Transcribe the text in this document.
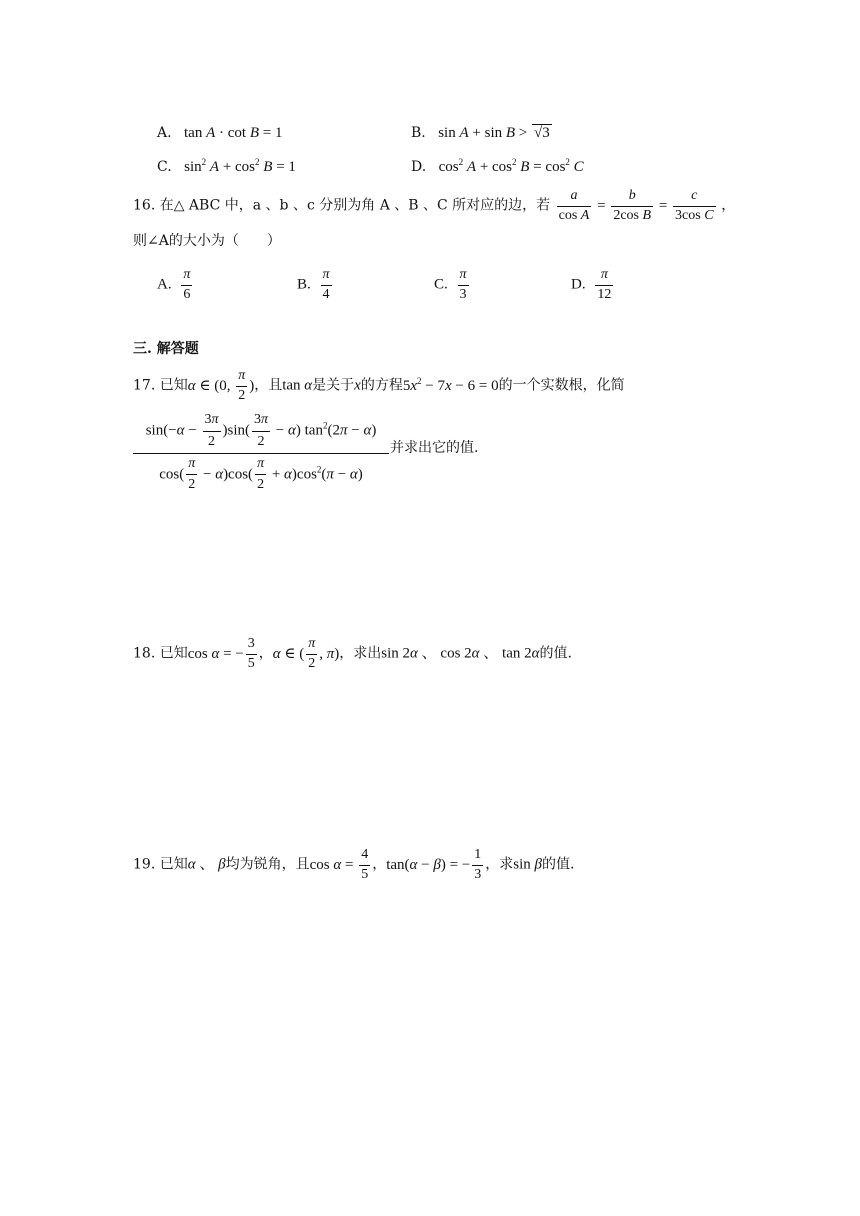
A. tan A · cot B = 1	B. sin A + sin B > √3
C. $\sin^2 A + \cos^2 B = 1$	D. $\cos^2 A + \cos^2 B = \cos^2 C$
16. 在△ ABC 中，a 、b 、c 分别为角 A 、B 、C 所对应的边，若 $\frac{a}{\text{cos A}} = \frac{b}{\text{2cos B}} = \frac{c}{\text{3cos C}}$ ，
则∠A的大小为（　　）
A. $\frac{\pi}{6}$	B. $\frac{\pi}{4}$	C. $\frac{\pi}{3}$	D. $\frac{\pi}{12}$
三. 解答题
17. 已知α ∈ (0, $\frac{\pi}{2}$ )，且tan α是关于x的方程$5x^2 - 7x - 6 = 0$的一个实数根，化简
$\frac{\sin(-\alpha - \frac{3\pi}{2} )\sin( \frac{3\pi}{2} - \alpha) \tan^2(2\pi - \alpha)}{\cos( \frac{\pi}{2} - \alpha)\cos( \frac{\pi}{2} + \alpha)\cos^2(\pi - \alpha)}$ 并求出它的值.
18. 已知cos α = − $\frac{3}{5}$ ，α ∈ ( $\frac{\pi}{2}$ , π)，求出sin 2α 、 cos 2α 、 tan 2α的值.
19. 已知α 、 β均为锐角，且$\cos \alpha = \frac{4}{5}$ ，tan(α − β) = − $\frac{1}{3}$ ，求sin β的值.
